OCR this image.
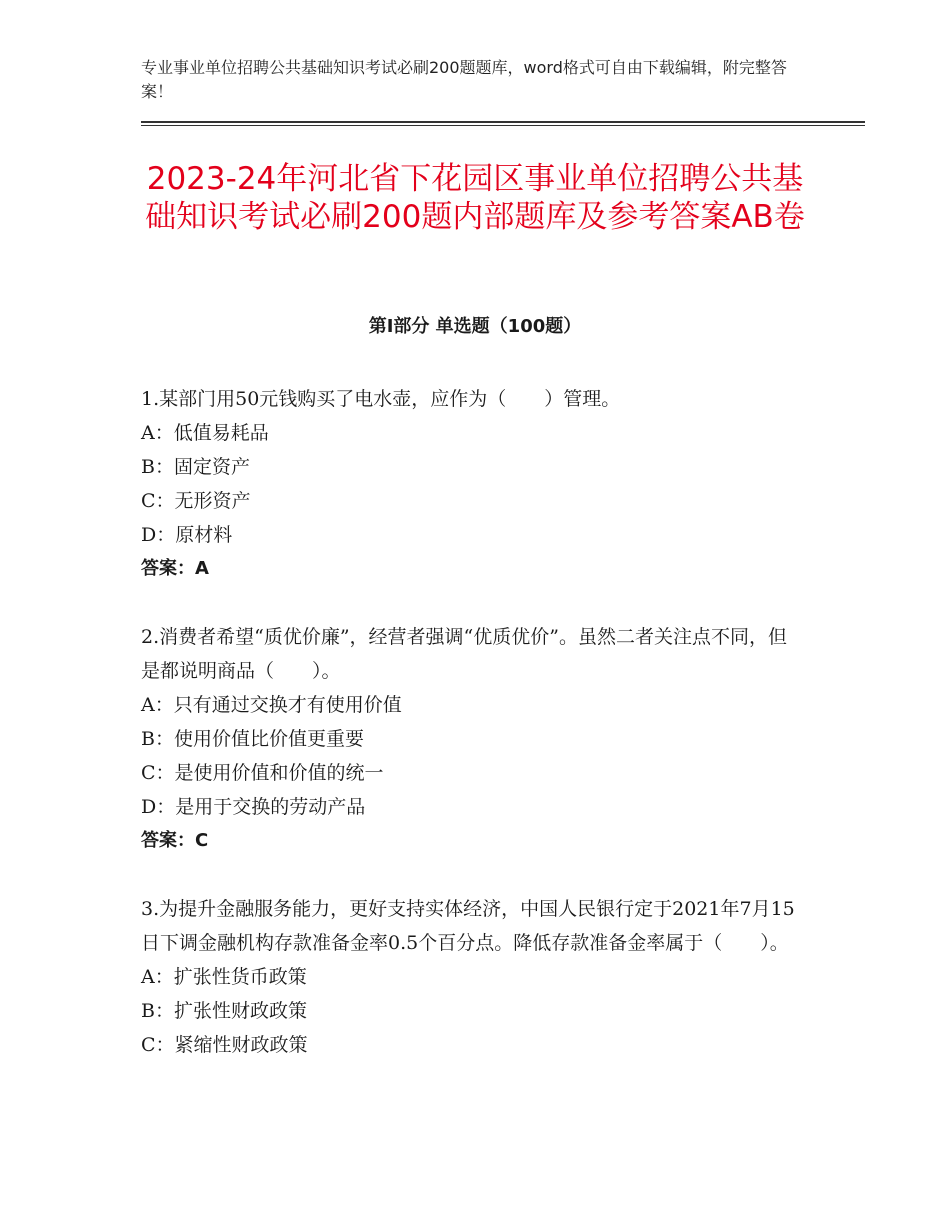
专业事业单位招聘公共基础知识考试必刷200题题库，word格式可自由下载编辑，附完整答案！
2023-24年河北省下花园区事业单位招聘公共基础知识考试必刷200题内部题库及参考答案AB卷
第Ⅰ部分 单选题（100题）

1.某部门用50元钱购买了电水壶，应作为（　　）管理。

A：低值易耗品

B：固定资产

C：无形资产

D：原材料

答案：A

2.消费者希望“质优价廉”，经营者强调“优质优价”。虽然二者关注点不同，但是都说明商品（　　）。

A：只有通过交换才有使用价值

B：使用价值比价值更重要

C：是使用价值和价值的统一

D：是用于交换的劳动产品

答案：C

3.为提升金融服务能力，更好支持实体经济，中国人民银行定于2021年7月15日下调金融机构存款准备金率0.5个百分点。降低存款准备金率属于（　　）。

A：扩张性货币政策

B：扩张性财政政策

C：紧缩性财政政策
